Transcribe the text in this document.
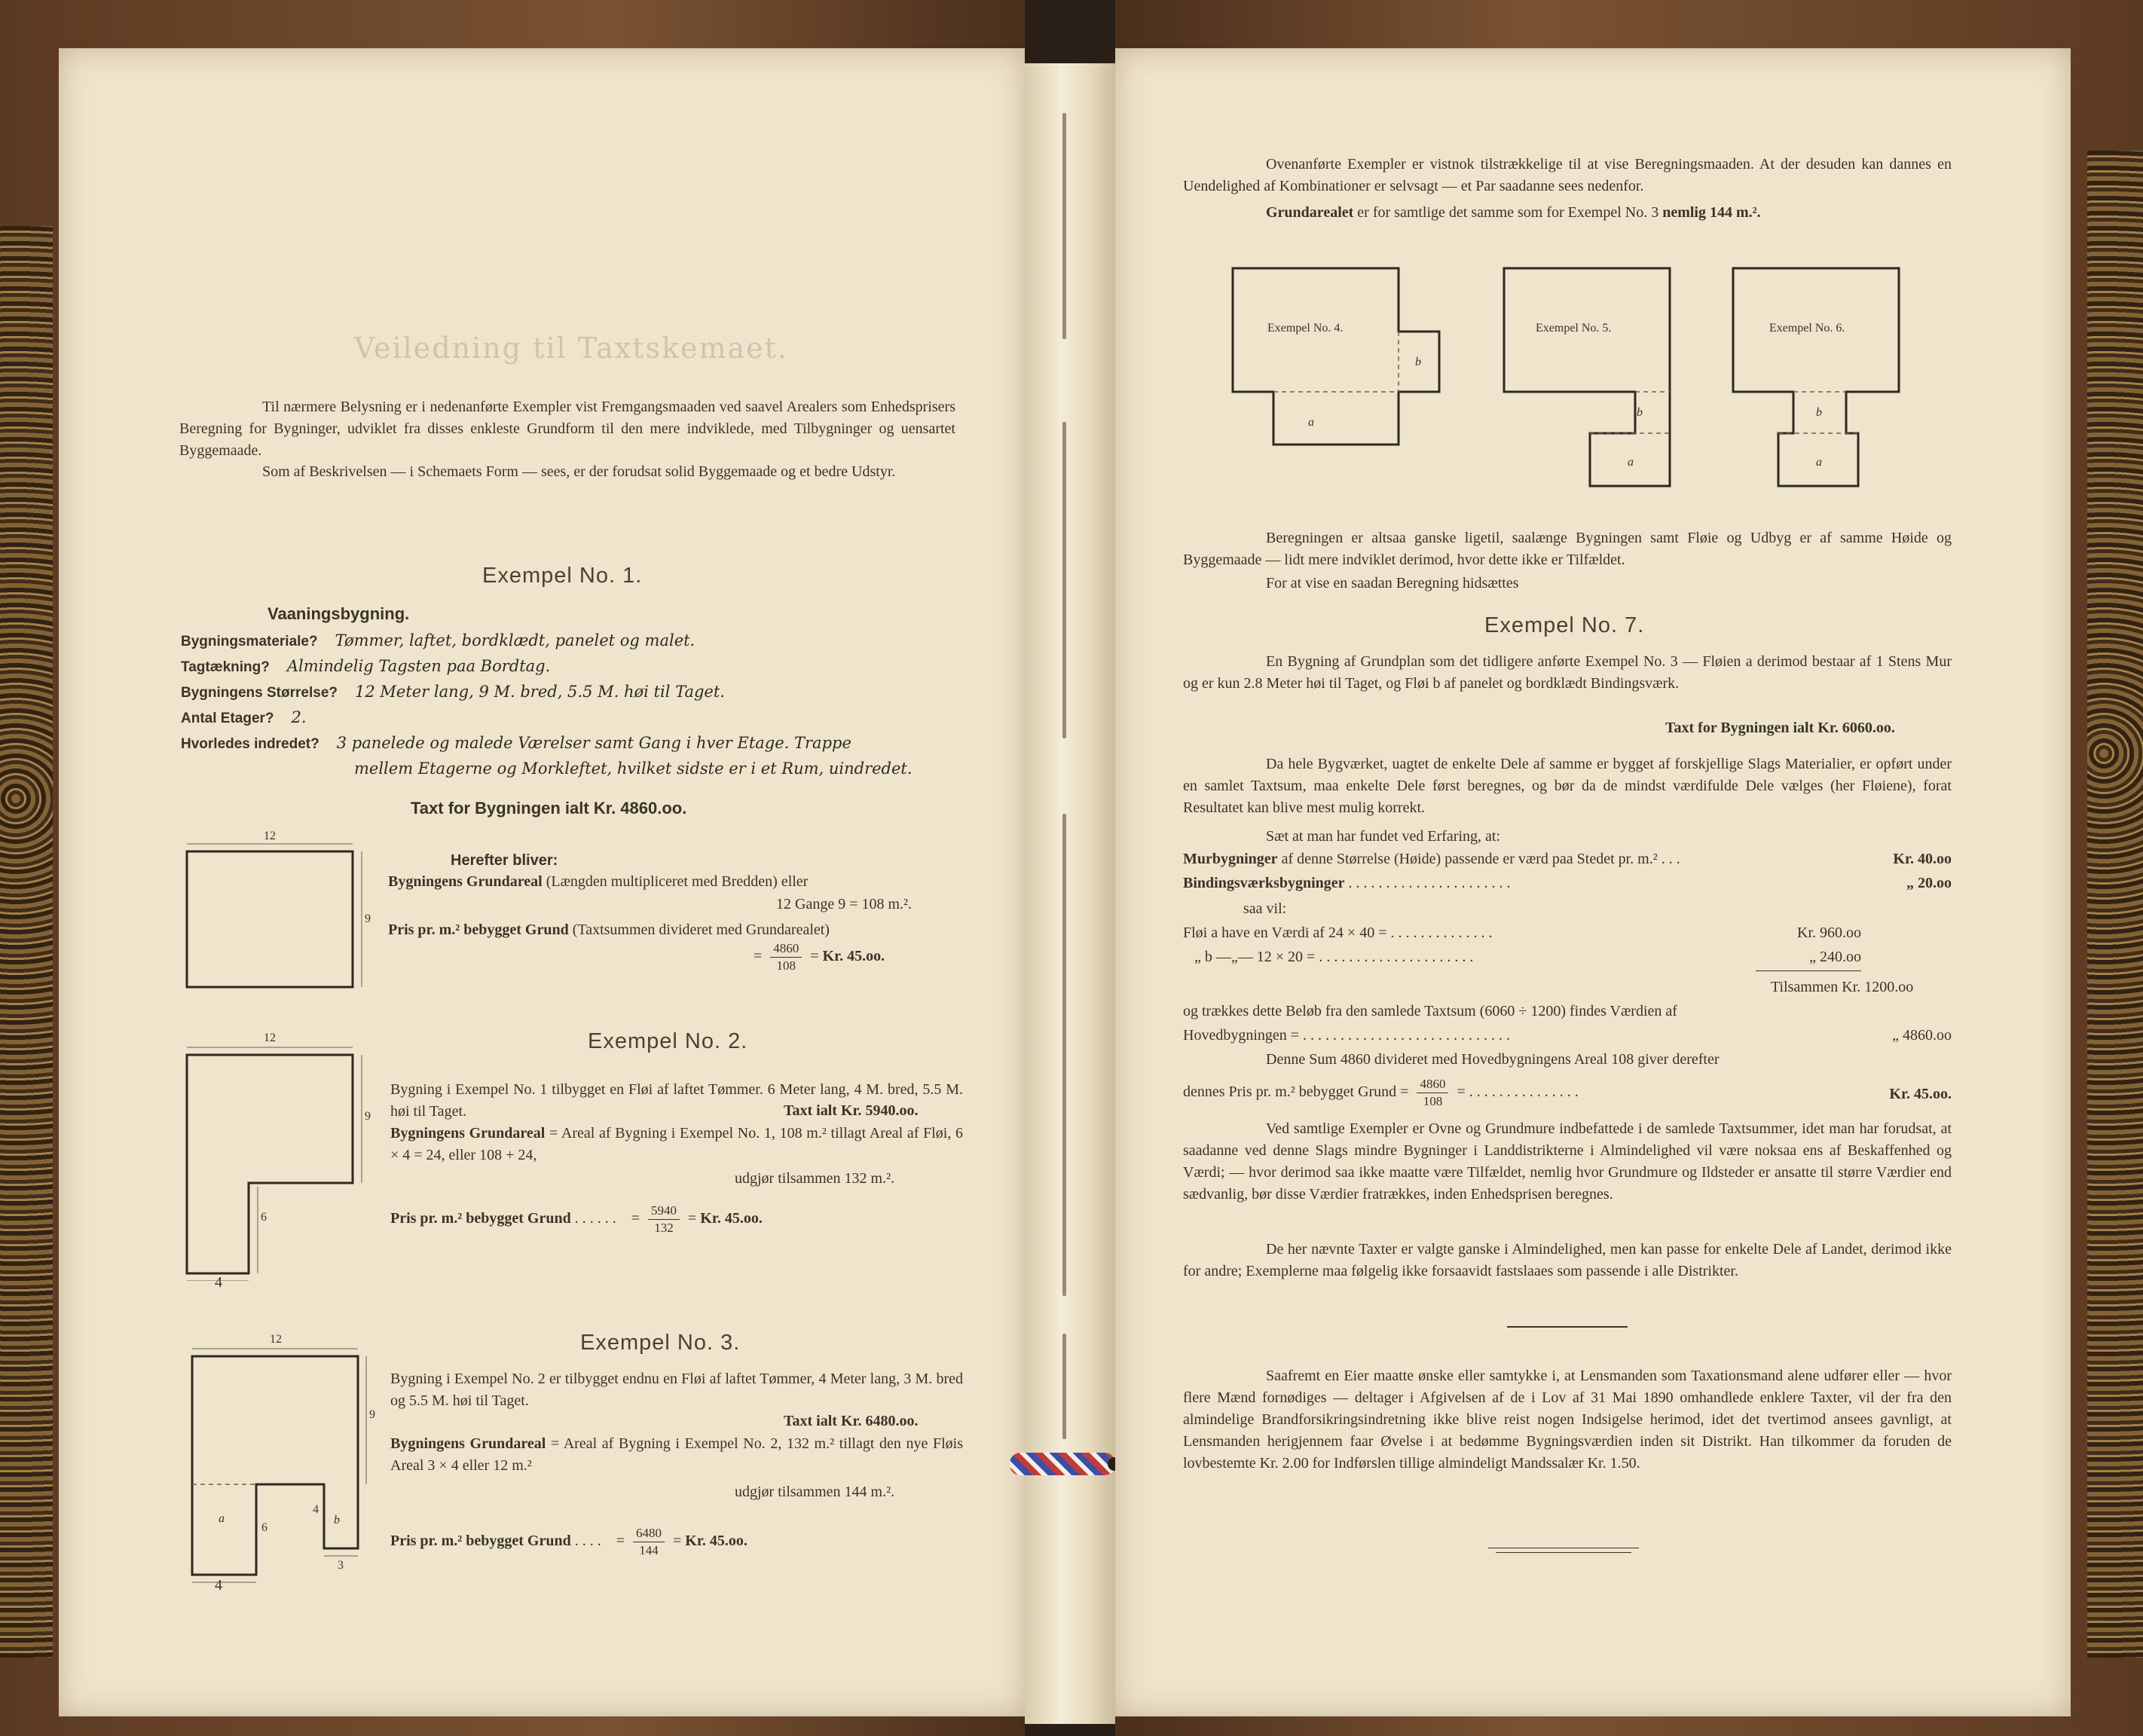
Veiledning til Taxtskemaet.
Til nærmere Belysning er i nedenanførte Exempler vist Fremgangsmaaden ved saavel Arealers som Enhedsprisers Beregning for Bygninger, udviklet fra disses enkleste Grundform til den mere indviklede, med Tilbygninger og uensartet Byggemaade.
Som af Beskrivelsen — i Schemaets Form — sees, er der forudsat solid Byggemaade og et bedre Udstyr.
Exempel No. 1.
Vaaningsbygning.
Bygningsmateriale? Tømmer, laftet, bordklædt, panelet og malet.
Tagtækning? Almindelig Tagsten paa Bordtag.
Bygningens Størrelse? 12 Meter lang, 9 M. bred, 5.5 M. høi til Taget.
Antal Etager? 2.
Hvorledes indredet? 3 panelede og malede Værelser samt Gang i hver Etage. Trappe
mellem Etagerne og Morkleftet, hvilket sidste er i et Rum, uindredet.
Taxt for Bygningen ialt Kr. 4860.oo.
12
9
Herefter bliver:
Bygningens Grundareal (Længden multipliceret med Bredden) eller
12 Gange 9 = 108 m.².
Pris pr. m.² bebygget Grund (Taxtsummen divideret med Grundarealet)
= $\frac{4860}{108} = Kr$. 45.oo.
Exempel No. 2.
12
9
6
4
Bygning i Exempel No. 1 tilbygget en Fløi af laftet Tømmer. 6 Meter lang, 4 M. bred, 5.5 M. høi til Taget.	Taxt ialt Kr. 5940.oo.
Bygningens Grundareal = Areal af Bygning i Exempel No. 1, 108 m.² tillagt Areal af Fløi, 6 × 4 = 24, eller 108 + 24,
udgjør tilsammen 132 m.².
Pris pr. m.² bebygget Grund . . . . . .    = $\frac{5940}{132} = Kr$. 45.oo.
Exempel No. 3.
12
9
a	b
6
4
3
4
Bygning i Exempel No. 2 er tilbygget endnu en Fløi af laftet Tømmer, 4 Meter lang, 3 M. bred og 5.5 M. høi til Taget.
Taxt ialt Kr. 6480.oo.
Bygningens Grundareal = Areal af Bygning i Exempel No. 2, 132 m.² tillagt den nye Fløis Areal 3 × 4 eller 12 m.²
udgjør tilsammen 144 m.².
Pris pr. m.² bebygget Grund . . . .    = $\frac{6480}{144} = Kr$. 45.oo.
Ovenanførte Exempler er vistnok tilstrækkelige til at vise Beregningsmaaden. At der desuden kan dannes en Uendelighed af Kombinationer er selvsagt — et Par saadanne sees nedenfor.
Grundarealet er for samtlige det samme som for Exempel No. 3 nemlig 144 m.².
Exempel No. 4.
b
a
Exempel No. 5.
b
a
Exempel No. 6.
b
a
Beregningen er altsaa ganske ligetil, saalænge Bygningen samt Fløie og Udbyg er af samme Høide og Byggemaade — lidt mere indviklet derimod, hvor dette ikke er Tilfældet.
For at vise en saadan Beregning hidsættes
Exempel No. 7.
En Bygning af Grundplan som det tidligere anførte Exempel No. 3 — Fløien a derimod bestaar af 1 Stens Mur og er kun 2.8 Meter høi til Taget, og Fløi b af panelet og bordklædt Bindingsværk.
Taxt for Bygningen ialt Kr. 6060.oo.
Da hele Bygværket, uagtet de enkelte Dele af samme er bygget af forskjellige Slags Materialier, er opført under en samlet Taxtsum, maa enkelte Dele først beregnes, og bør da de mindst værdifulde Dele vælges (her Fløiene), forat Resultatet kan blive mest mulig korrekt.
Sæt at man har fundet ved Erfaring, at:
Murbygninger af denne Størrelse (Høide) passende er værd paa Stedet pr. m.² . . .	Kr. 40.oo
Bindingsværksbygninger . . . . . . . . . . . . . . . . . . . . . .	„ 20.oo
saa vil:
Fløi a have en Værdi af 24 × 40 = . . . . . . . . . . . . . .	Kr. 960.oo
„ b —„— 12 × 20 = . . . . . . . . . . . . . . . . . . . . .	„ 240.oo
Tilsammen Kr. 1200.oo
og trækkes dette Beløb fra den samlede Taxtsum (6060 ÷ 1200) findes Værdien af
Hovedbygningen = . . . . . . . . . . . . . . . . . . . . . . . . . . . .	„ 4860.oo
Denne Sum 4860 divideret med Hovedbygningens Areal 108 giver derefter
dennes Pris pr. m.² bebygget Grund = $\frac{4860}{108}$ = . . . . . . . . . . . . . . .	Kr. 45.oo.
Ved samtlige Exempler er Ovne og Grundmure indbefattede i de samlede Taxtsummer, idet man har forudsat, at saadanne ved denne Slags mindre Bygninger i Landdistrikterne i Almindelighed vil være noksaa ens af Beskaffenhed og Værdi; — hvor derimod saa ikke maatte være Tilfældet, nemlig hvor Grundmure og Ildsteder er ansatte til større Værdier end sædvanlig, bør disse Værdier fratrækkes, inden Enhedsprisen beregnes.
De her nævnte Taxter er valgte ganske i Almindelighed, men kan passe for enkelte Dele af Landet, derimod ikke for andre; Exemplerne maa følgelig ikke forsaavidt fastslaaes som passende i alle Distrikter.
Saafremt en Eier maatte ønske eller samtykke i, at Lensmanden som Taxationsmand alene udfører eller — hvor flere Mænd fornødiges — deltager i Afgivelsen af de i Lov af 31 Mai 1890 omhandlede enklere Taxter, vil der fra den almindelige Brandforsikringsindretning ikke blive reist nogen Indsigelse herimod, idet det tvertimod ansees gavnligt, at Lensmanden herigjennem faar Øvelse i at bedømme Bygningsværdien inden sit Distrikt. Han tilkommer da foruden de lovbestemte Kr. 2.00 for Indførslen tillige almindeligt Mandssalær Kr. 1.50.
